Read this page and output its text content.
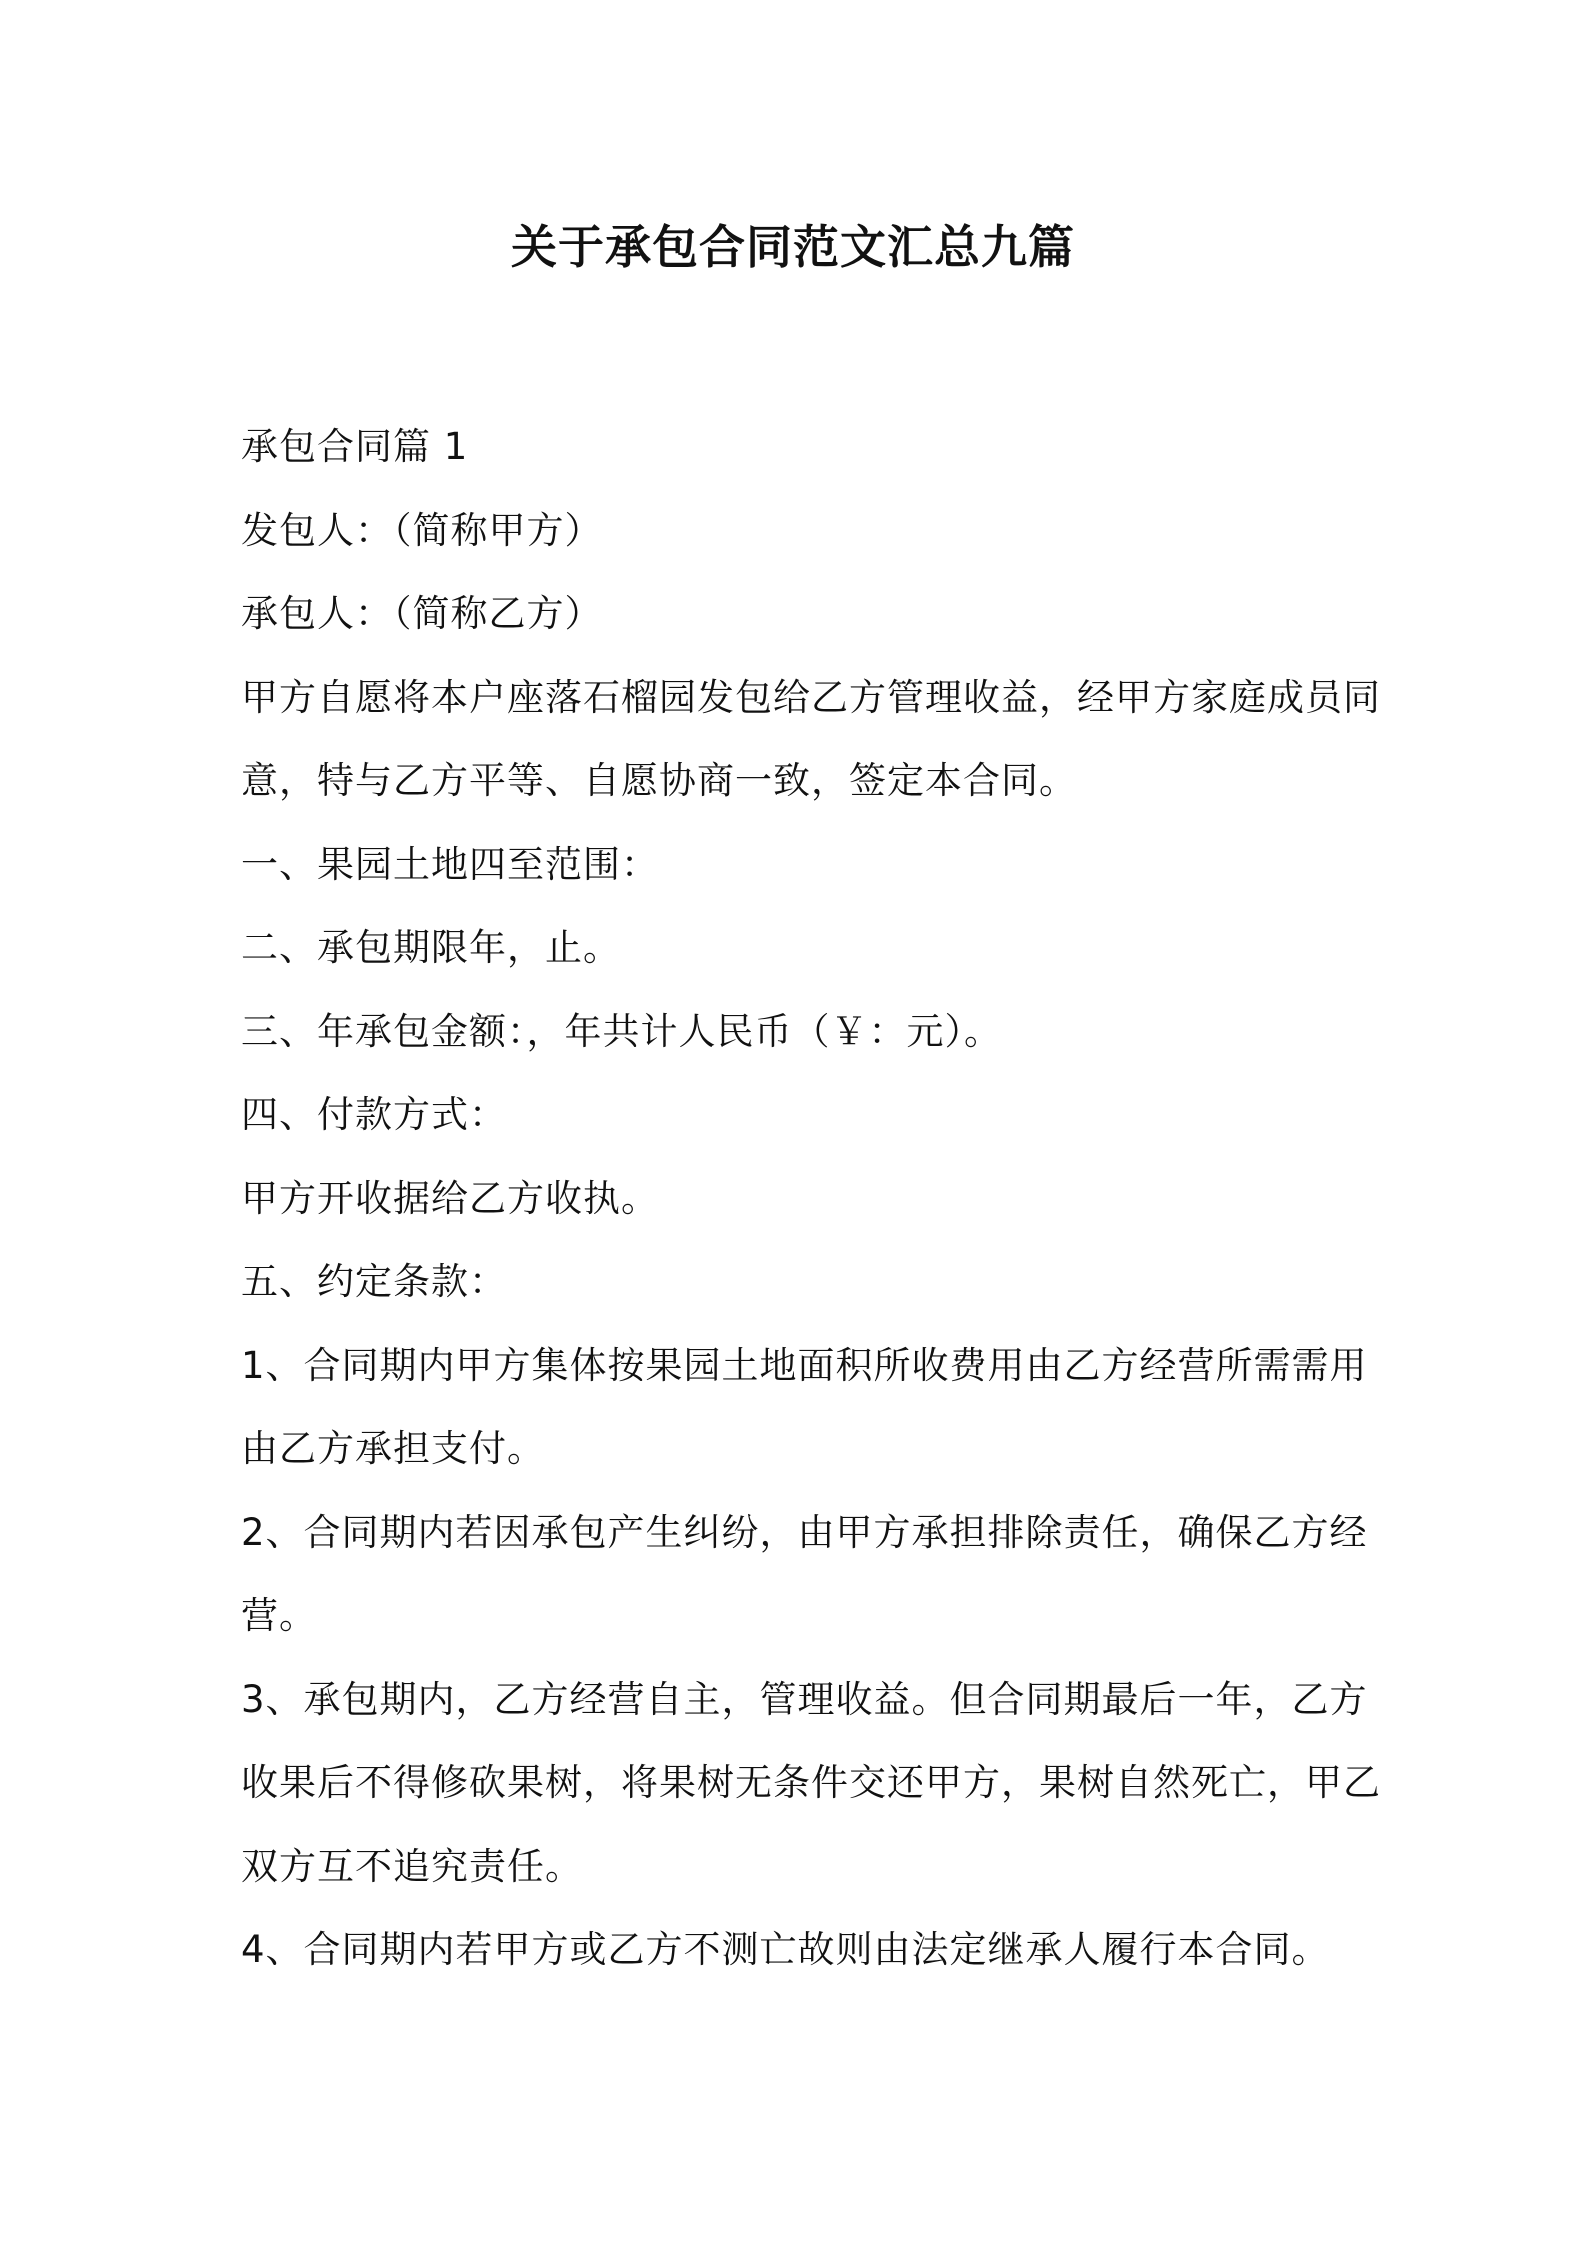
关于承包合同范文汇总九篇

承包合同篇 1

发包人：（简称甲方）

承包人：（简称乙方）

甲方自愿将本户座落石榴园发包给乙方管理收益，经甲方家庭成员同

意，特与乙方平等、自愿协商一致，签定本合同。

一、果园土地四至范围：

二、承包期限年，止。

三、年承包金额：，年共计人民币（￥：元）。

四、付款方式：

甲方开收据给乙方收执。

五、约定条款：

1、合同期内甲方集体按果园土地面积所收费用由乙方经营所需需用

由乙方承担支付。

2、合同期内若因承包产生纠纷，由甲方承担排除责任，确保乙方经

营。

3、承包期内，乙方经营自主，管理收益。但合同期最后一年，乙方

收果后不得修砍果树，将果树无条件交还甲方，果树自然死亡，甲乙

双方互不追究责任。

4、合同期内若甲方或乙方不测亡故则由法定继承人履行本合同。
